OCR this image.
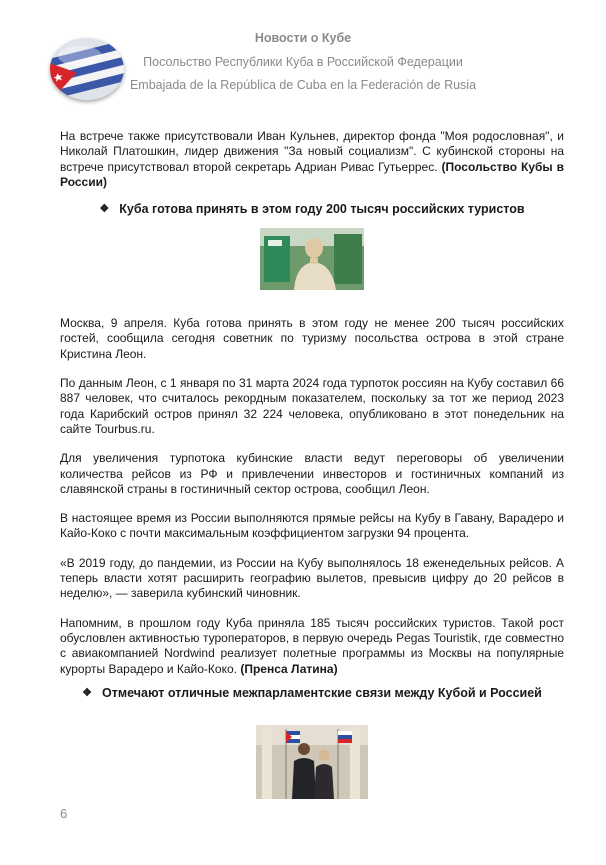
Новости о Кубе
Посольство Республики Куба в Российской Федерации
Embajada de la República de Cuba en la Federación de Rusia

На встрече также присутствовали Иван Кульнев, директор фонда "Моя родословная", и Николай Платошкин, лидер движения "За новый социализм". С кубинской стороны на встрече присутствовал второй секретарь Адриан Ривас Гутьеррес. (Посольство Кубы в России)

❖ Куба готова принять в этом году 200 тысяч российских туристов

Москва, 9 апреля. Куба готова принять в этом году не менее 200 тысяч российских гостей, сообщила сегодня советник по туризму посольства острова в этой стране Кристина Леон.

По данным Леон, с 1 января по 31 марта 2024 года турпоток россиян на Кубу составил 66 887 человек, что считалось рекордным показателем, поскольку за тот же период 2023 года Карибский остров принял 32 224 человека, опубликовано в этот понедельник на сайте Tourbus.ru.

Для увеличения турпотока кубинские власти ведут переговоры об увеличении количества рейсов из РФ и привлечении инвесторов и гостиничных компаний из славянской страны в гостиничный сектор острова, сообщил Леон.

В настоящее время из России выполняются прямые рейсы на Кубу в Гавану, Варадеро и Кайо-Коко с почти максимальным коэффициентом загрузки 94 процента.

«В 2019 году, до пандемии, из России на Кубу выполнялось 18 еженедельных рейсов. А теперь власти хотят расширить географию вылетов, превысив цифру до 20 рейсов в неделю», — заверила кубинский чиновник.

Напомним, в прошлом году Куба приняла 185 тысяч российских туристов. Такой рост обусловлен активностью туроператоров, в первую очередь Pegas Touristik, где совместно с авиакомпанией Nordwind реализует полетные программы из Москвы на популярные курорты Варадеро и Кайо-Коко. (Пренса Латина)

❖ Отмечают отличные межпарламентские связи между Кубой и Россией
6
